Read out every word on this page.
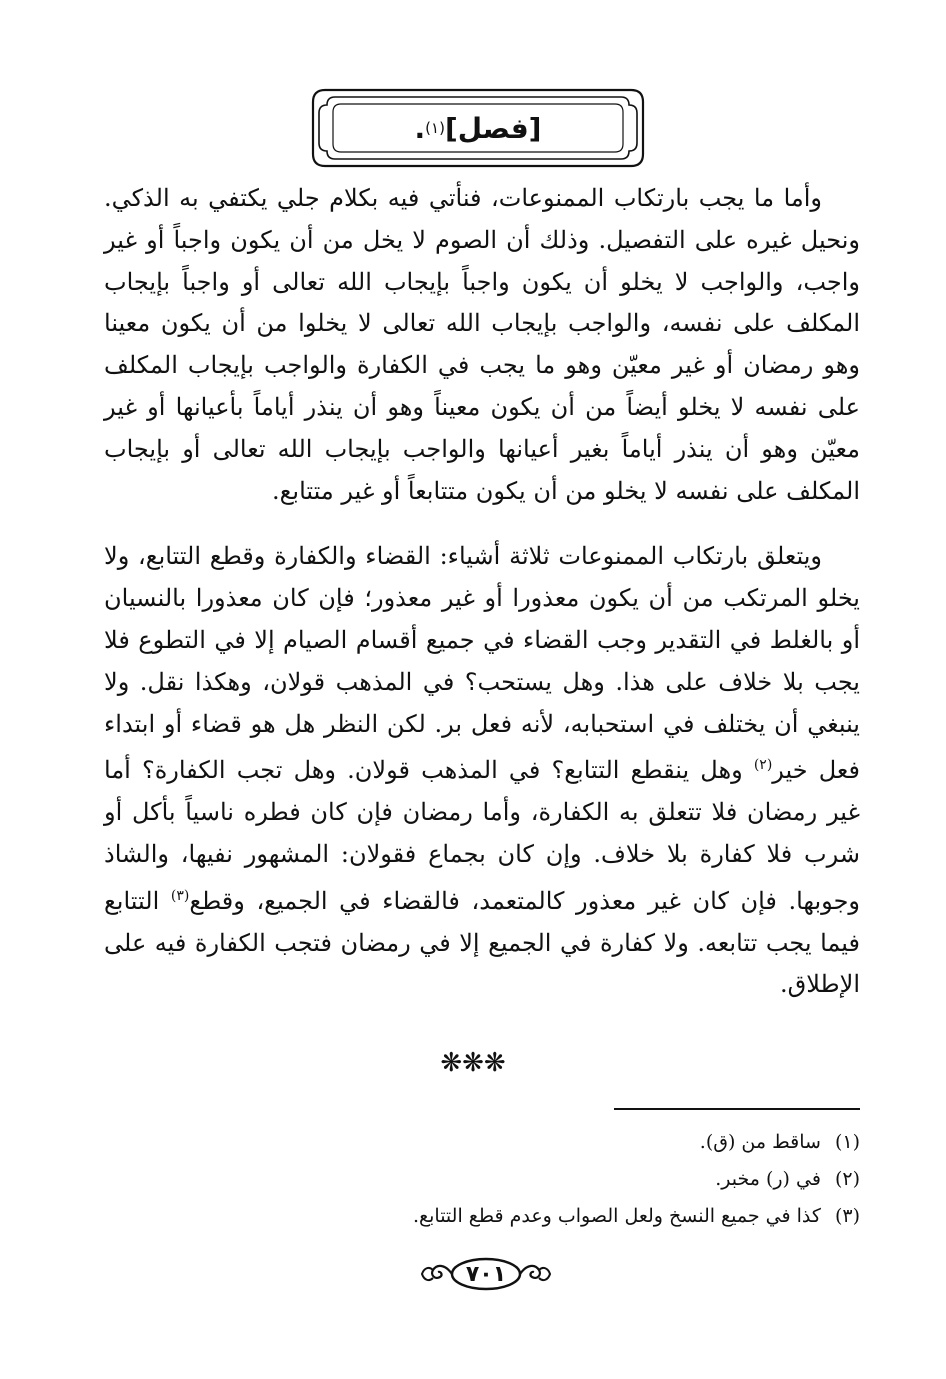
[فصل]
(١)
.

وأما ما يجب بارتكاب الممنوعات، فنأتي فيه بكلام جلي يكتفي به الذكي. ونحيل غيره على التفصيل. وذلك أن الصوم لا يخل من أن يكون واجباً أو غير واجب، والواجب لا يخلو أن يكون واجباً بإيجاب الله تعالى أو واجباً بإيجاب المكلف على نفسه، والواجب بإيجاب الله تعالى لا يخلوا من أن يكون معينا وهو رمضان أو غير معيّن وهو ما يجب في الكفارة والواجب بإيجاب المكلف على نفسه لا يخلو أيضاً من أن يكون معيناً وهو أن ينذر أياماً بأعيانها أو غير معيّن وهو أن ينذر أياماً بغير أعيانها والواجب بإيجاب الله تعالى أو بإيجاب المكلف على نفسه لا يخلو من أن يكون متتابعاً أو غير متتابع.

ويتعلق بارتكاب الممنوعات ثلاثة أشياء: القضاء والكفارة وقطع التتابع، ولا يخلو المرتكب من أن يكون معذورا أو غير معذور؛ فإن كان معذورا بالنسيان أو بالغلط في التقدير وجب القضاء في جميع أقسام الصيام إلا في التطوع فلا يجب بلا خلاف على هذا. وهل يستحب؟ في المذهب قولان، وهكذا نقل. ولا ينبغي أن يختلف في استحبابه، لأنه فعل بر. لكن النظر هل هو قضاء أو ابتداء فعل خير$^{(٢)}$ وهل ينقطع التتابع؟ في المذهب قولان. وهل تجب الكفارة؟ أما غير رمضان فلا تتعلق به الكفارة، وأما رمضان فإن كان فطره ناسياً بأكل أو شرب فلا كفارة بلا خلاف. وإن كان بجماع فقولان: المشهور نفيها، والشاذ وجوبها. فإن كان غير معذور كالمتعمد، فالقضاء في الجميع، وقطع$^{(٣)}$ التتابع فيما يجب تتابعه. ولا كفارة في الجميع إلا في رمضان فتجب الكفارة فيه على الإطلاق.

❋❋❋
(١)
ساقط من (ق).
(٢)
في (ر) مخبر.
(٣)
كذا في جميع النسخ ولعل الصواب وعدم قطع التتابع.
٧٠١
